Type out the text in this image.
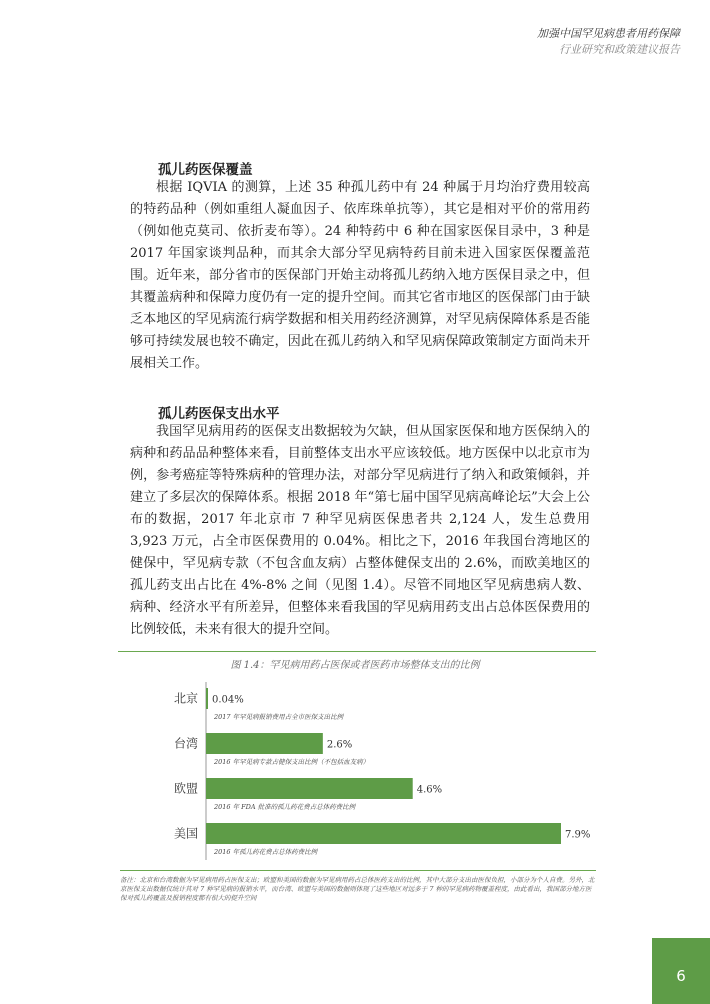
加强中国罕见病患者用药保障
行业研究和政策建议报告
孤儿药医保覆盖

根据 IQVIA 的测算，上述 35 种孤儿药中有 24 种属于月均治疗费用较高的特药品种（例如重组人凝血因子、依库珠单抗等），其它是相对平价的常用药（例如他克莫司、依折麦布等）。24 种特药中 6 种在国家医保目录中，3 种是 2017 年国家谈判品种，而其余大部分罕见病特药目前未进入国家医保覆盖范围。近年来，部分省市的医保部门开始主动将孤儿药纳入地方医保目录之中，但其覆盖病种和保障力度仍有一定的提升空间。而其它省市地区的医保部门由于缺乏本地区的罕见病流行病学数据和相关用药经济测算，对罕见病保障体系是否能够可持续发展也较不确定，因此在孤儿药纳入和罕见病保障政策制定方面尚未开展相关工作。

孤儿药医保支出水平

我国罕见病用药的医保支出数据较为欠缺，但从国家医保和地方医保纳入的病种和药品品种整体来看，目前整体支出水平应该较低。地方医保中以北京市为例，参考癌症等特殊病种的管理办法，对部分罕见病进行了纳入和政策倾斜，并建立了多层次的保障体系。根据 2018 年“第七届中国罕见病高峰论坛”大会上公布的数据，2017 年北京市 7 种罕见病医保患者共 2,124 人，发生总费用 3,923 万元，占全市医保费用的 0.04%。相比之下，2016 年我国台湾地区的健保中，罕见病专款（不包含血友病）占整体健保支出的 2.6%，而欧美地区的孤儿药支出占比在 4%-8% 之间（见图 1.4）。尽管不同地区罕见病患病人数、病种、经济水平有所差异，但整体来看我国的罕见病用药支出占总体医保费用的比例较低，未来有很大的提升空间。

图 1.4：罕见病用药占医保或者医药市场整体支出的比例
北京 0.04%
2017 年罕见病报销费用占全市医保支出比例
台湾	2.6%
2016 年罕见病专款占健保支出比例（不包括血友病）
欧盟	4.6%
2016 年 FDA 批准的孤儿药花费占总体药费比例
美国	7.9%
2016 年孤儿药花费占总体药费比例
备注：北京和台湾数据为罕见病用药占医保支出；欧盟和美国的数据为罕见病用药占总体医药支出的比例，其中大部分支出由医保负担，小部分为个人自费。另外，北京医保支出数据仅统计其对 7 种罕见病的报销水平，而台湾、欧盟与美国的数据则体现了这些地区对远多于 7 种的罕见病药物覆盖程度，由此看出，我国部分地方医保对孤儿药覆盖及报销程度都有很大的提升空间
6
